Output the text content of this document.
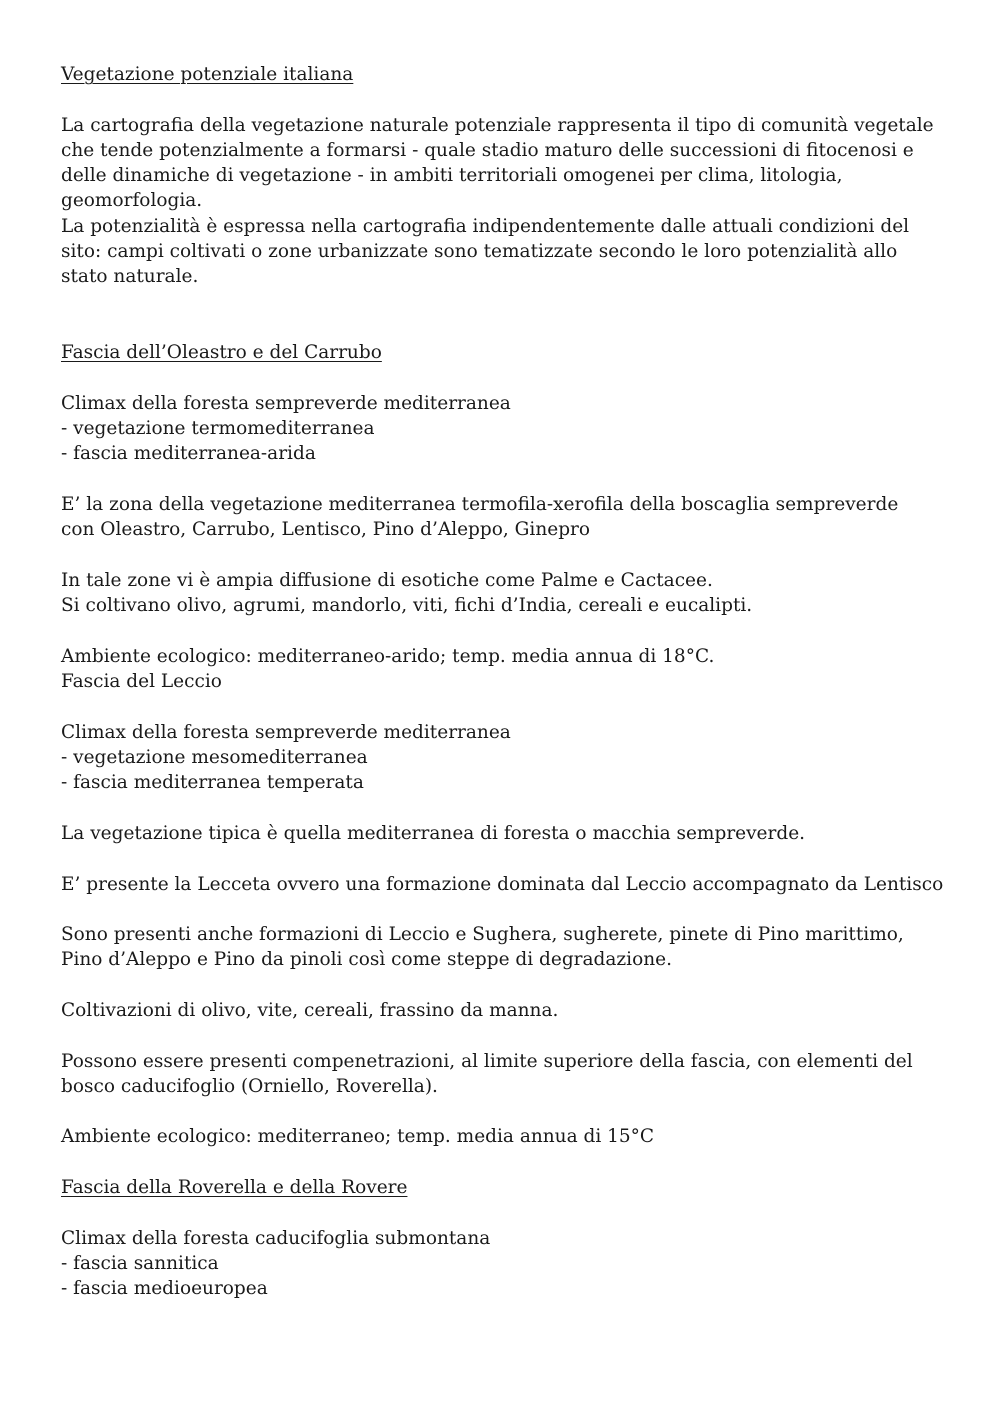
Vegetazione potenziale italiana
La cartografia della vegetazione naturale potenziale rappresenta il tipo di comunità vegetale
che tende potenzialmente a formarsi - quale stadio maturo delle successioni di fitocenosi e
delle dinamiche di vegetazione - in ambiti territoriali omogenei per clima, litologia,
geomorfologia.
La potenzialità è espressa nella cartografia indipendentemente dalle attuali condizioni del
sito: campi coltivati o zone urbanizzate sono tematizzate secondo le loro potenzialità allo
stato naturale.
Fascia dell’Oleastro e del Carrubo
Climax della foresta sempreverde mediterranea
- vegetazione termomediterranea
- fascia mediterranea-arida
E’ la zona della vegetazione mediterranea termofila-xerofila della boscaglia sempreverde
con Oleastro, Carrubo, Lentisco, Pino d’Aleppo, Ginepro
In tale zone vi è ampia diffusione di esotiche come Palme e Cactacee.
Si coltivano olivo, agrumi, mandorlo, viti, fichi d’India, cereali e eucalipti.
Ambiente ecologico: mediterraneo-arido; temp. media annua di 18°C.
Fascia del Leccio
Climax della foresta sempreverde mediterranea
- vegetazione mesomediterranea
- fascia mediterranea temperata
La vegetazione tipica è quella mediterranea di foresta o macchia sempreverde.
E’ presente la Lecceta ovvero una formazione dominata dal Leccio accompagnato da Lentisco
Sono presenti anche formazioni di Leccio e Sughera, sugherete, pinete di Pino marittimo,
Pino d’Aleppo e Pino da pinoli così come steppe di degradazione.
Coltivazioni di olivo, vite, cereali, frassino da manna.
Possono essere presenti compenetrazioni, al limite superiore della fascia, con elementi del
bosco caducifoglio (Orniello, Roverella).
Ambiente ecologico: mediterraneo; temp. media annua di 15°C
Fascia della Roverella e della Rovere
Climax della foresta caducifoglia submontana
- fascia sannitica
- fascia medioeuropea
